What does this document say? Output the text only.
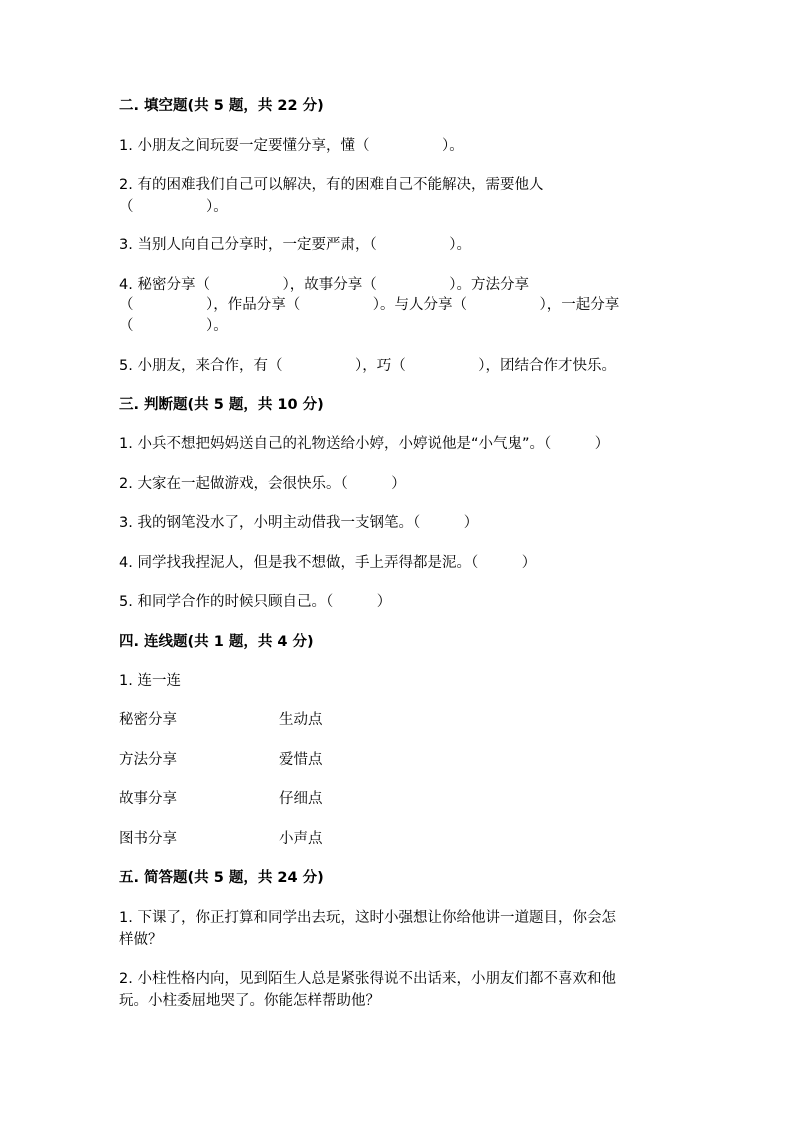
二. 填空题(共 5 题，共 22 分)
1. 小朋友之间玩耍一定要懂分享，懂（　　　　　）。
2. 有的困难我们自己可以解决，有的困难自己不能解决，需要他人
（　　　　　）。
3. 当别人向自己分享时，一定要严肃，（　　　　　）。
4. 秘密分享（　　　　　），故事分享（　　　　　）。方法分享
（　　　　　），作品分享（　　　　　）。与人分享（　　　　　），一起分享
（　　　　　）。
5. 小朋友，来合作，有（　　　　　），巧（　　　　　），团结合作才快乐。
三. 判断题(共 5 题，共 10 分)
1. 小兵不想把妈妈送自己的礼物送给小婷，小婷说他是“小气鬼”。（　　　）
2. 大家在一起做游戏，会很快乐。（　　　）
3. 我的钢笔没水了，小明主动借我一支钢笔。（　　　）
4. 同学找我捏泥人，但是我不想做，手上弄得都是泥。（　　　）
5. 和同学合作的时候只顾自己。（　　　）
四. 连线题(共 1 题，共 4 分)
1. 连一连
秘密分享	生动点
方法分享	爱惜点
故事分享	仔细点
图书分享	小声点
五. 简答题(共 5 题，共 24 分)
1. 下课了，你正打算和同学出去玩，这时小强想让你给他讲一道题目，你会怎
样做？
2. 小柱性格内向，见到陌生人总是紧张得说不出话来，小朋友们都不喜欢和他
玩。小柱委屈地哭了。你能怎样帮助他？
